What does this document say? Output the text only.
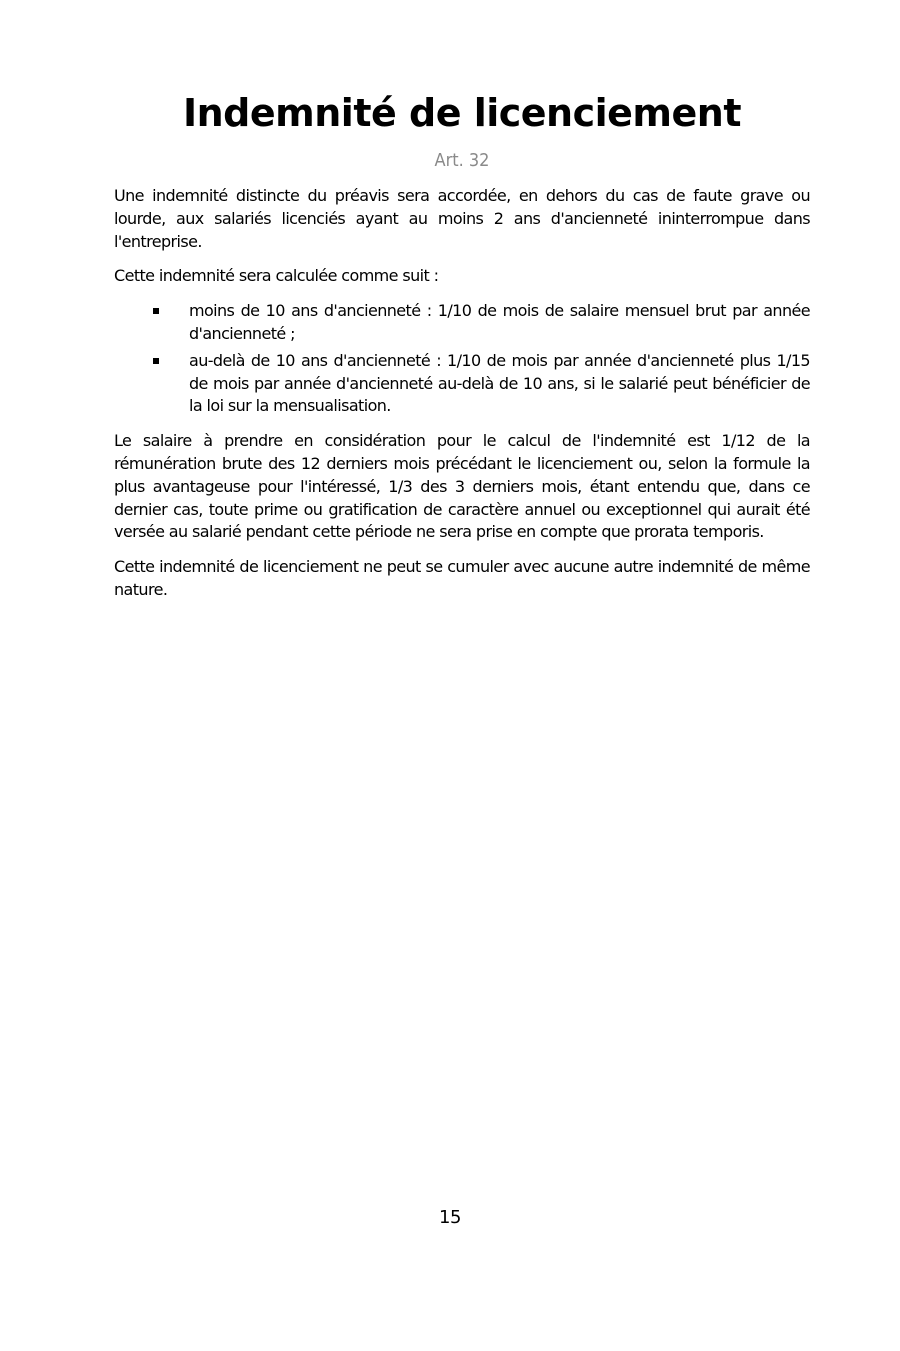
Indemnité de licenciement
Art. 32

Une indemnité distincte du préavis sera accordée, en dehors du cas de faute grave ou lourde, aux salariés licenciés ayant au moins 2 ans d'ancienneté ininterrompue dans l'entreprise.

Cette indemnité sera calculée comme suit :

moins de 10 ans d'ancienneté : 1/10 de mois de salaire mensuel brut par année d'ancienneté ;
au-delà de 10 ans d'ancienneté : 1/10 de mois par année d'ancienneté plus 1/15 de mois par année d'ancienneté au-delà de 10 ans, si le salarié peut bénéficier de la loi sur la mensualisation.

Le salaire à prendre en considération pour le calcul de l'indemnité est 1/12 de la rémunération brute des 12 derniers mois précédant le licenciement ou, selon la formule la plus avantageuse pour l'intéressé, 1/3 des 3 derniers mois, étant entendu que, dans ce dernier cas, toute prime ou gratification de caractère annuel ou exceptionnel qui aurait été versée au salarié pendant cette période ne sera prise en compte que prorata temporis.

Cette indemnité de licenciement ne peut se cumuler avec aucune autre indemnité de même nature.

15
